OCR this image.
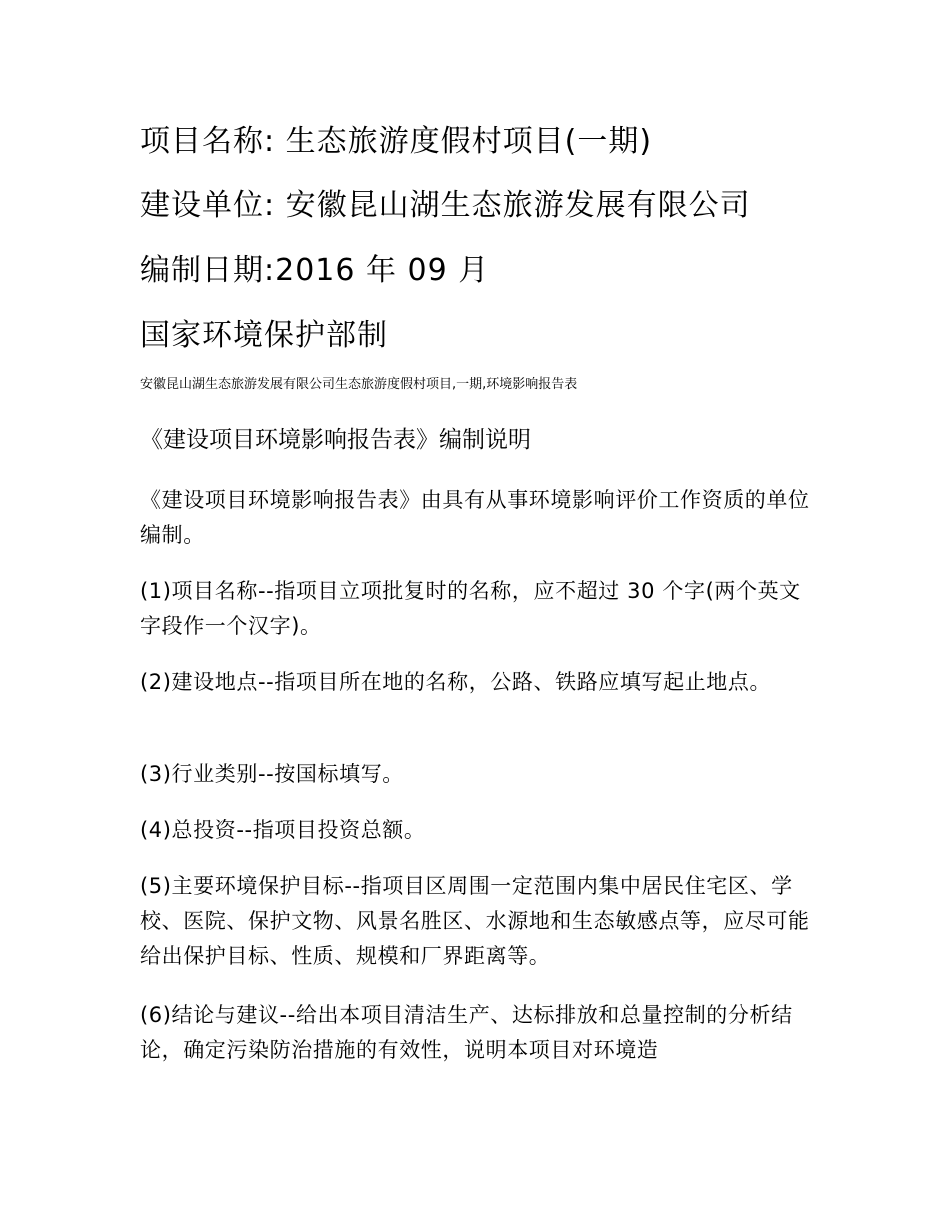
项目名称: 生态旅游度假村项目(一期)
建设单位: 安徽昆山湖生态旅游发展有限公司
编制日期:2016 年 09 月
国家环境保护部制
安徽昆山湖生态旅游发展有限公司生态旅游度假村项目,一期,环境影响报告表
《建设项目环境影响报告表》编制说明
《建设项目环境影响报告表》由具有从事环境影响评价工作资质的单位编制。
(1)项目名称--指项目立项批复时的名称，应不超过 30 个字(两个英文字段作一个汉字)。
(2)建设地点--指项目所在地的名称，公路、铁路应填写起止地点。
(3)行业类别--按国标填写。
(4)总投资--指项目投资总额。
(5)主要环境保护目标--指项目区周围一定范围内集中居民住宅区、学校、医院、保护文物、风景名胜区、水源地和生态敏感点等，应尽可能给出保护目标、性质、规模和厂界距离等。
(6)结论与建议--给出本项目清洁生产、达标排放和总量控制的分析结论，确定污染防治措施的有效性，说明本项目对环境造
